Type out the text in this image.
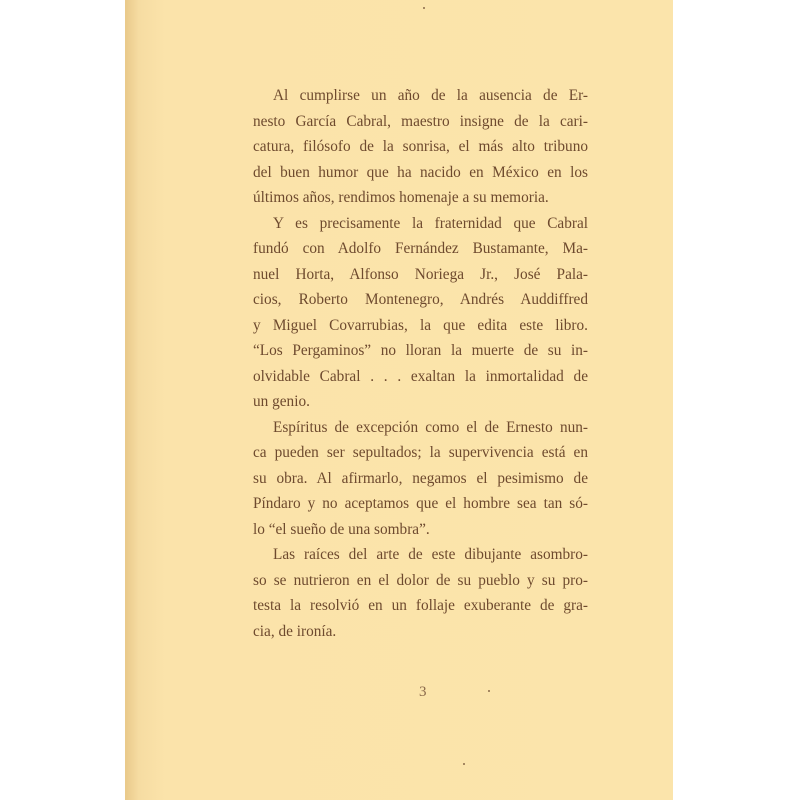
Al cumplirse un año de la ausencia de Er-
nesto García Cabral, maestro insigne de la cari-
catura, filósofo de la sonrisa, el más alto tribuno
del buen humor que ha nacido en México en los
últimos años, rendimos homenaje a su memoria.
Y es precisamente la fraternidad que Cabral
fundó con Adolfo Fernández Bustamante, Ma-
nuel Horta, Alfonso Noriega Jr., José Pala-
cios, Roberto Montenegro, Andrés Auddiffred
y Miguel Covarrubias, la que edita este libro.
“Los Pergaminos” no lloran la muerte de su in-
olvidable Cabral . . . exaltan la inmortalidad de
un genio.
Espíritus de excepción como el de Ernesto nun-
ca pueden ser sepultados; la supervivencia está en
su obra. Al afirmarlo, negamos el pesimismo de
Píndaro y no aceptamos que el hombre sea tan só-
lo “el sueño de una sombra”.
Las raíces del arte de este dibujante asombro-
so se nutrieron en el dolor de su pueblo y su pro-
testa la resolvió en un follaje exuberante de gra-
cia, de ironía.
3
